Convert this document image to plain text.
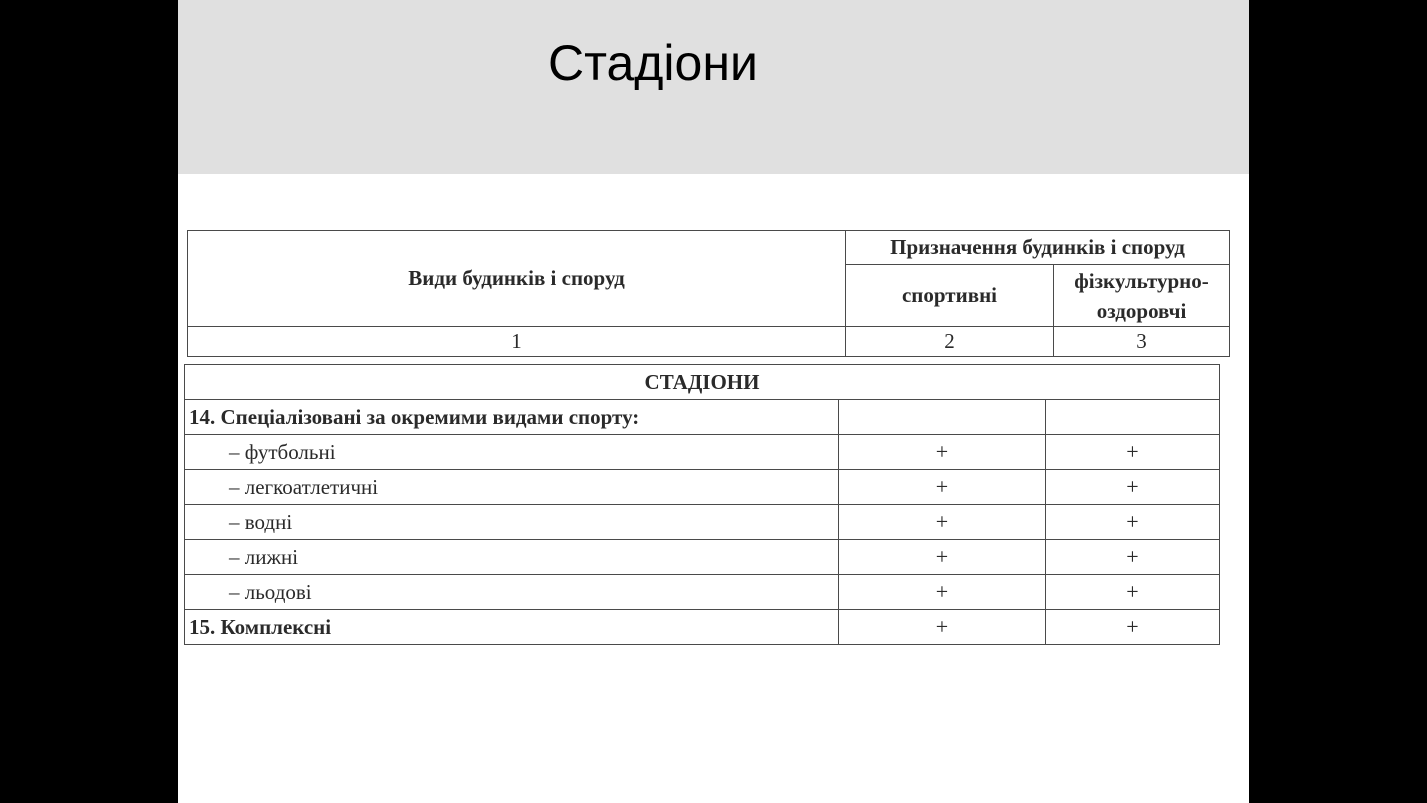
Стадіони
Види будинків і споруд	Призначення будинків і споруд	
	спортивні	фізкультурно-
оздоровчі
1	2	3
СТАДІОНИ		
14. Спеціалізовані за окремими видами спорту:		
– футбольні	+	+
– легкоатлетичні	+	+
– водні	+	+
– лижні	+	+
– льодові	+	+
15. Комплексні	+	+
